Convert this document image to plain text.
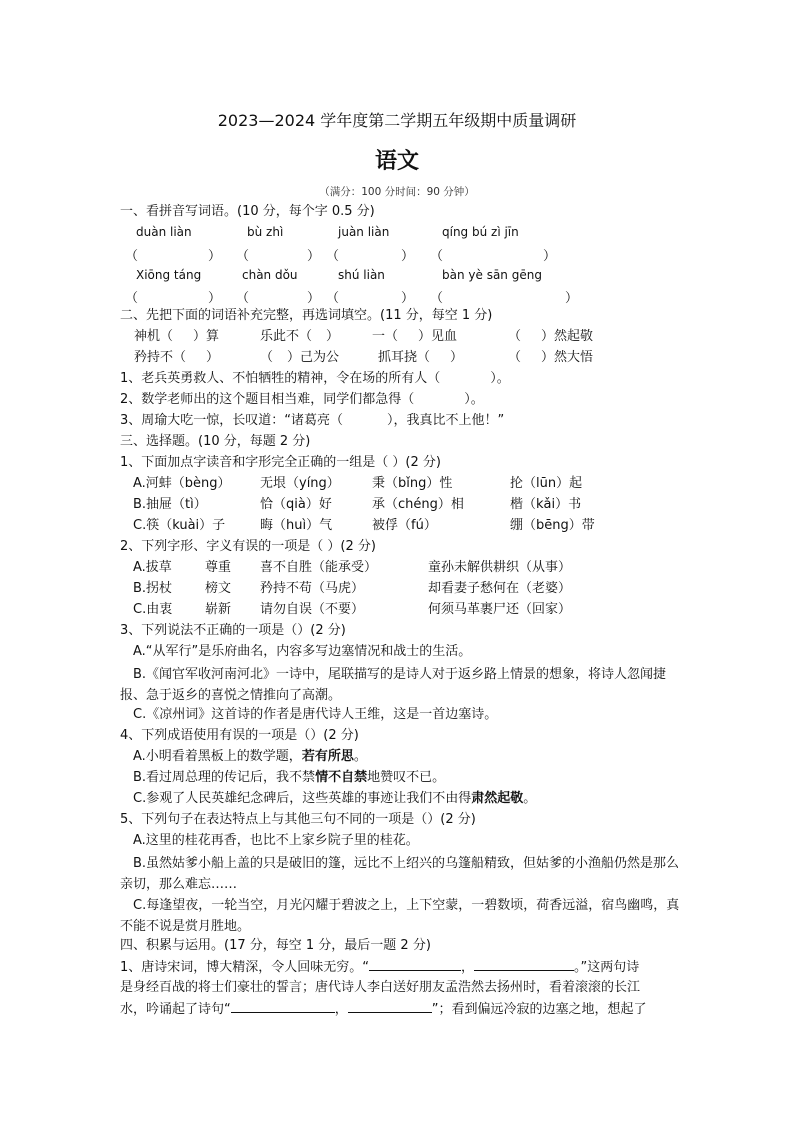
2023—2024 学年度第二学期五年级期中质量调研
语文
（满分：100 分时间：90 分钟）
一、看拼音写词语。(10 分，每个字 0.5 分)
duàn liàn	bù zhì	juàn liàn	qíng bú zì jīn
（	） （	） （	） （	）
Xiōng táng	chàn dǒu	shú liàn	bàn yè sān gēng
（	） （	） （	） （	）
二、先把下面的词语补充完整，再选词填空。(11 分，每空 1 分)
神机（ ）算	乐此不（ ）	一（ ）见血	（ ）然起敬
矜持不（ ）	（ ）己为公	抓耳挠（ ）	（ ）然大悟
1、老兵英勇救人、不怕牺牲的精神，令在场的所有人（	）。
2、数学老师出的这个题目相当难，同学们都急得（	）。
3、周瑜大吃一惊，长叹道：“诸葛亮（	），我真比不上他！”
三、选择题。(10 分，每题 2 分)
1、下面加点字读音和字形完全正确的一组是（ ）(2 分)
A.河蚌（bèng） 无垠（yíng） 秉（bǐng）性	抡（lūn）起
B.抽屉（tì）	恰（qià）好	承（chéng）相	楷（kǎi）书
C.筷（kuài）子	晦（huì）气	被俘（fú）	绷（bēng）带
2、下列字形、字义有误的一项是（ ）(2 分)
A.拔草	尊重 喜不自胜（能承受）	童孙未解供耕织（从事）
B.拐杖	榜文 矜持不苟（马虎）	却看妻子愁何在（老婆）
C.由衷	崭新 请勿自误（不要）	何须马革裹尸还（回家）
3、下列说法不正确的一项是（）(2 分)
A.“从军行”是乐府曲名，内容多写边塞情况和战士的生活。
B.《闻官军收河南河北》一诗中，尾联描写的是诗人对于返乡路上情景的想象，将诗人忽闻捷报、急于返乡的喜悦之情推向了高潮。
C.《凉州词》这首诗的作者是唐代诗人王维，这是一首边塞诗。
4、下列成语使用有误的一项是（）(2 分)
A.小明看着黑板上的数学题，若有所思。
B.看过周总理的传记后，我不禁情不自禁地赞叹不已。
C.参观了人民英雄纪念碑后，这些英雄的事迹让我们不由得肃然起敬。
5、下列句子在表达特点上与其他三句不同的一项是（）(2 分)
A.这里的桂花再香，也比不上家乡院子里的桂花。
B.虽然姑爹小船上盖的只是破旧的篷，远比不上绍兴的乌篷船精致，但姑爹的小渔船仍然是那么亲切，那么难忘……
C.每逢望夜，一轮当空，月光闪耀于碧波之上，上下空蒙，一碧数顷，荷香远溢，宿鸟幽鸣，真不能不说是赏月胜地。
四、积累与运用。(17 分，每空 1 分，最后一题 2 分)
1、唐诗宋词，博大精深，令人回味无穷。“	，	。”这两句诗
是身经百战的将士们豪壮的誓言；唐代诗人李白送好朋友孟浩然去扬州时，看着滚滚的长江
水，吟诵起了诗句“	，	”；看到偏远冷寂的边塞之地，想起了
